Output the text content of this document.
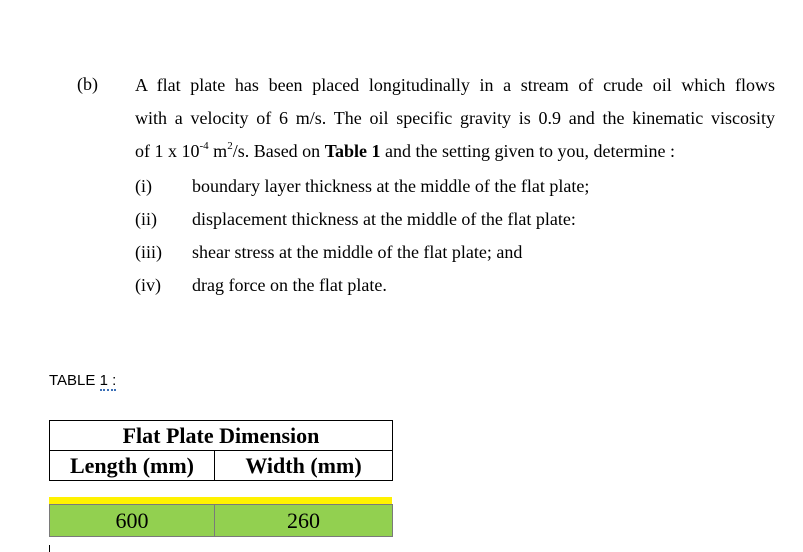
(b) A flat plate has been placed longitudinally in a stream of crude oil which flows
with a velocity of 6 m/s. The oil specific gravity is 0.9 and the kinematic viscosity
of 1 x $10^{-4}$ $m^2/s$. Based on Table 1 and the setting given to you, determine :
(i) boundary layer thickness at the middle of the flat plate;
(ii) displacement thickness at the middle of the flat plate:
(iii) shear stress at the middle of the flat plate; and
(iv) drag force on the flat plate.
TABLE 1 :
Flat Plate Dimension
Length (mm)	Width (mm)
600	260
